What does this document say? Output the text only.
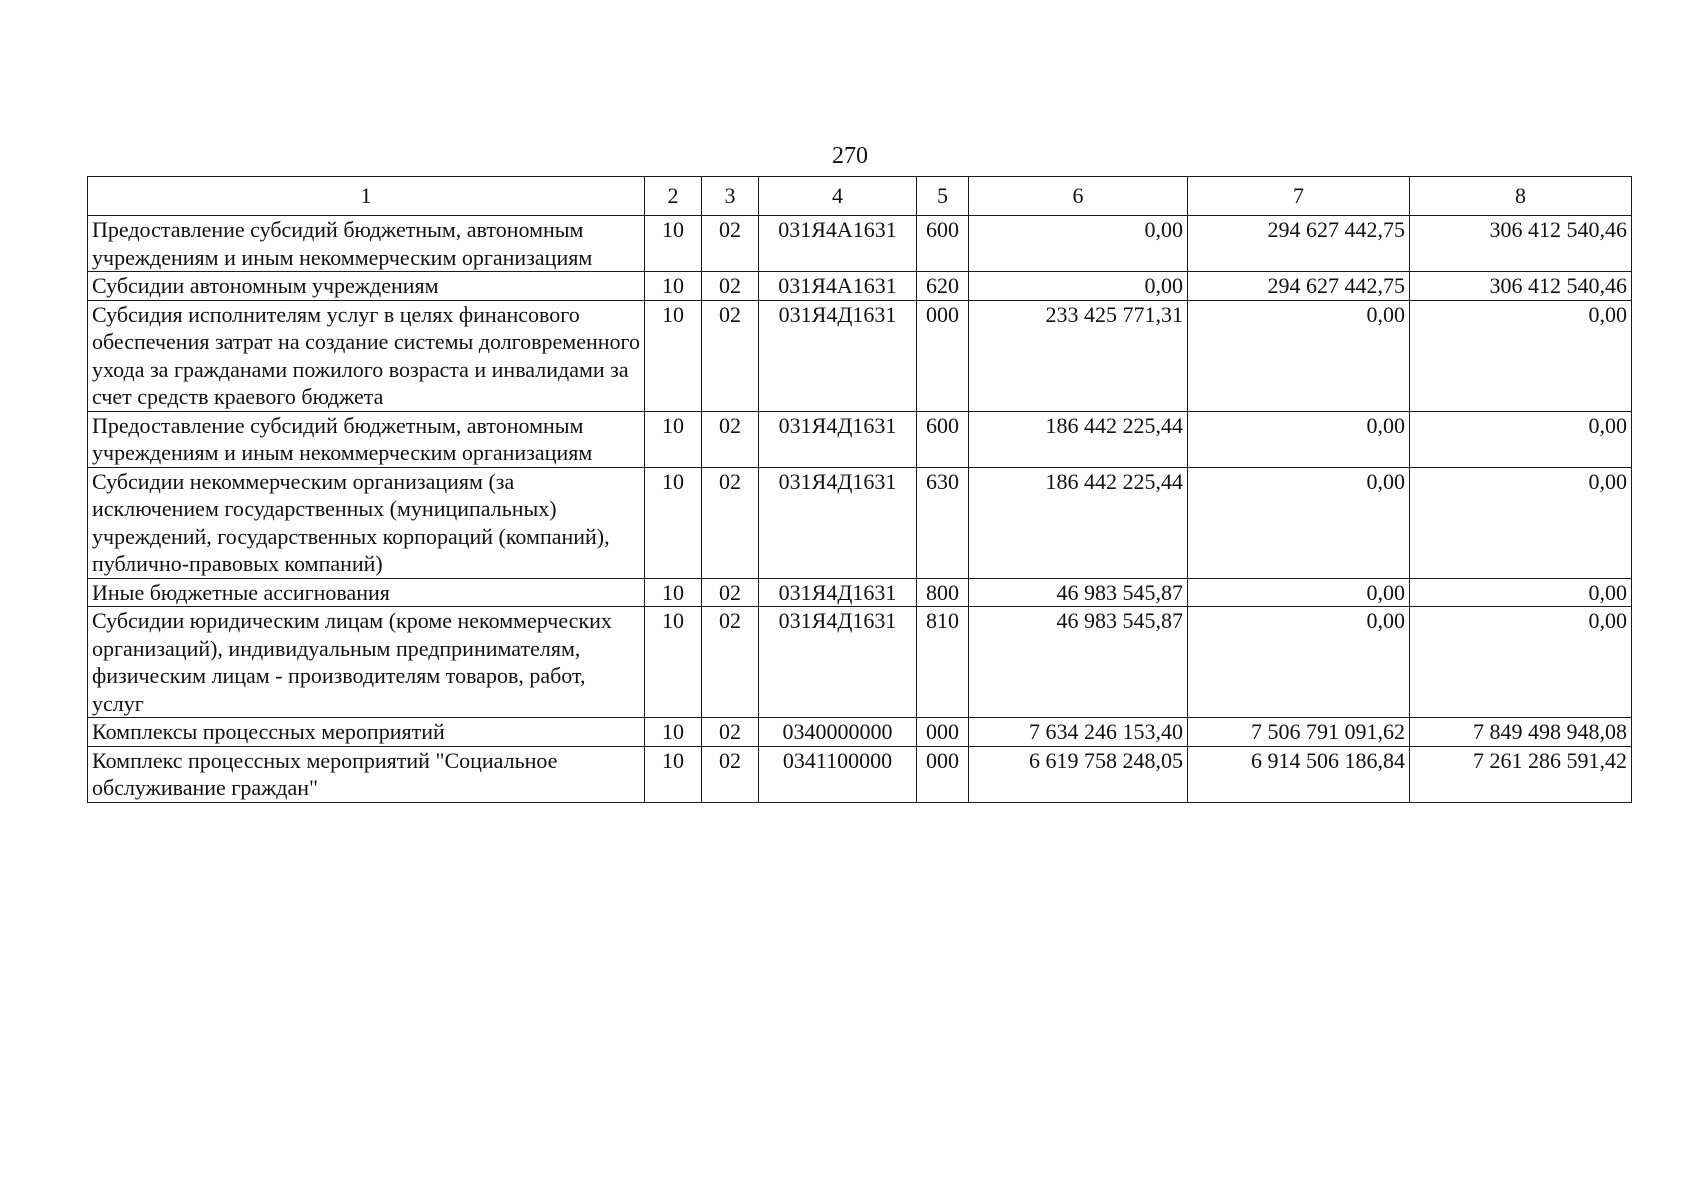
270
1	2	3	4	5	6	7	8
Предоставление субсидий бюджетным, автономным учреждениям и иным некоммерческим организациям	10	02	031Я4А1631	600	0,00	294 627 442,75	306 412 540,46
Субсидии автономным учреждениям	10	02	031Я4А1631	620	0,00	294 627 442,75	306 412 540,46
Субсидия исполнителям услуг в целях финансового обеспечения затрат на создание системы долговременного ухода за гражданами пожилого возраста и инвалидами за счет средств краевого бюджета	10	02	031Я4Д1631	000	233 425 771,31	0,00	0,00
Предоставление субсидий бюджетным, автономным учреждениям и иным некоммерческим организациям	10	02	031Я4Д1631	600	186 442 225,44	0,00	0,00
Субсидии некоммерческим организациям (за исключением государственных (муниципальных) учреждений, государственных корпораций (компаний), публично-правовых компаний)	10	02	031Я4Д1631	630	186 442 225,44	0,00	0,00
Иные бюджетные ассигнования	10	02	031Я4Д1631	800	46 983 545,87	0,00	0,00
Субсидии юридическим лицам (кроме некоммерческих организаций), индивидуальным предпринимателям, физическим лицам - производителям товаров, работ, услуг	10	02	031Я4Д1631	810	46 983 545,87	0,00	0,00
Комплексы процессных мероприятий	10	02	0340000000	000	7 634 246 153,40	7 506 791 091,62	7 849 498 948,08
Комплекс процессных мероприятий "Социальное обслуживание граждан"	10	02	0341100000	000	6 619 758 248,05	6 914 506 186,84	7 261 286 591,42
